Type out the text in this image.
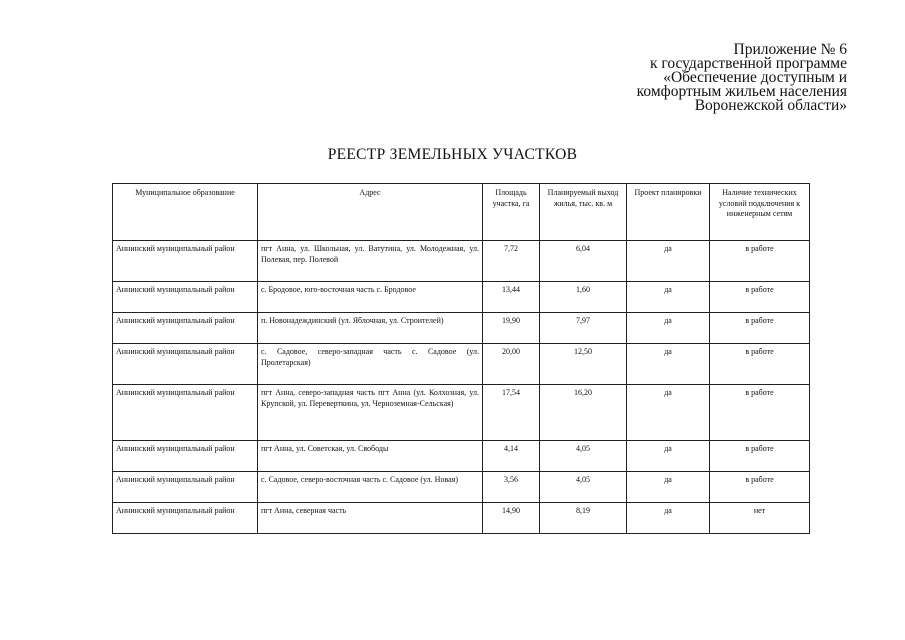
Приложение № 6
к государственной программе
«Обеспечение доступным и
комфортным жильем населения
Воронежской области»
РЕЕСТР ЗЕМЕЛЬНЫХ УЧАСТКОВ
Муниципальное образование	Адрес	Площадь участка, га	Планируемый выход жилья, тыс. кв. м	Проект планировки	Наличие технических условий подключения к инженерным сетям
Аннинский муниципальный район	пгт Анна, ул. Школьная, ул. Ватутина, ул. Молодежная, ул. Полевая, пер. Полевой	7,72	6,04	да	в работе
Аннинский муниципальный район	с. Бродовое, юго-восточная часть с. Бродовое	13,44	1,60	да	в работе
Аннинский муниципальный район	п. Новонадеждинский (ул. Яблочная, ул. Строителей)	19,90	7,97	да	в работе
Аннинский муниципальный район	с. Садовое, северо-западная часть с. Садовое (ул. Пролетарская)	20,00	12,50	да	в работе
Аннинский муниципальный район	пгт Анна, северо-западная часть пгт Анна (ул. Колхозная, ул. Крупской, ул. Переверткина, ул. Черноземная-Сельская)	17,54	16,20	да	в работе
Аннинский муниципальный район	пгт Анна, ул. Советская, ул. Свободы	4,14	4,05	да	в работе
Аннинский муниципальный район	с. Садовое, северо-восточная часть с. Садовое (ул. Новая)	3,56	4,05	да	в работе
Аннинский муниципальный район	пгт Анна, северная часть	14,90	8,19	да	нет
